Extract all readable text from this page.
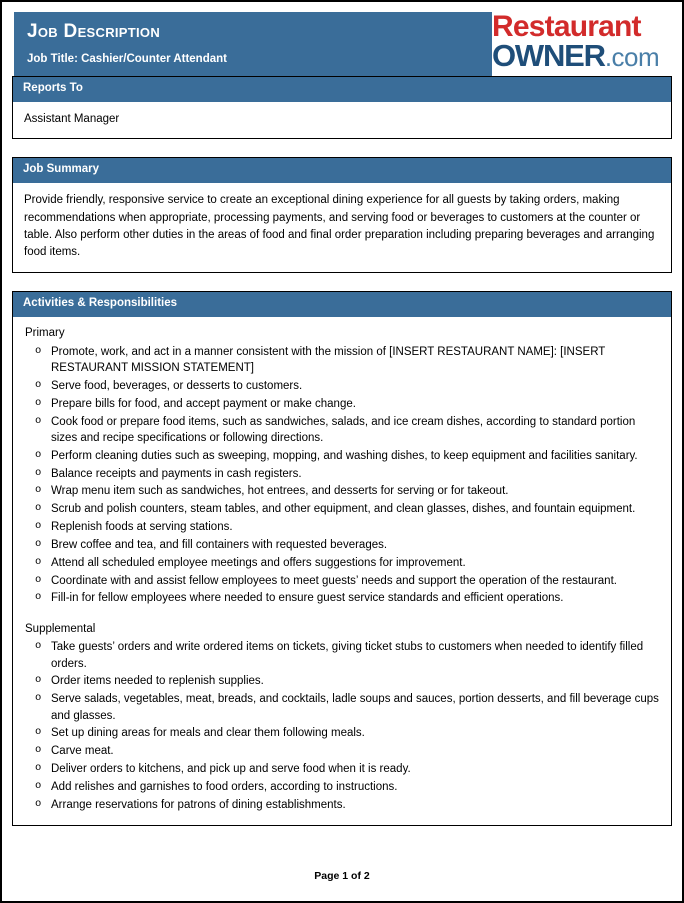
Job Description
Job Title: Cashier/Counter Attendant
Restaurant
OWNER.com
Reports To
Assistant Manager
Job Summary
Provide friendly, responsive service to create an exceptional dining experience for all guests by taking orders, making recommendations when appropriate, processing payments, and serving food or beverages to customers at the counter or table. Also perform other duties in the areas of food and final order preparation including preparing beverages and arranging food items.
Activities & Responsibilities
Primary
o Promote, work, and act in a manner consistent with the mission of [INSERT RESTAURANT NAME]: [INSERT RESTAURANT MISSION STATEMENT]
o Serve food, beverages, or desserts to customers.
o Prepare bills for food, and accept payment or make change.
o Cook food or prepare food items, such as sandwiches, salads, and ice cream dishes, according to standard portion sizes and recipe specifications or following directions.
o Perform cleaning duties such as sweeping, mopping, and washing dishes, to keep equipment and facilities sanitary.
o Balance receipts and payments in cash registers.
o Wrap menu item such as sandwiches, hot entrees, and desserts for serving or for takeout.
o Scrub and polish counters, steam tables, and other equipment, and clean glasses, dishes, and fountain equipment.
o Replenish foods at serving stations.
o Brew coffee and tea, and fill containers with requested beverages.
o Attend all scheduled employee meetings and offers suggestions for improvement.
o Coordinate with and assist fellow employees to meet guests’ needs and support the operation of the restaurant.
o Fill-in for fellow employees where needed to ensure guest service standards and efficient operations.
Supplemental
o Take guests’ orders and write ordered items on tickets, giving ticket stubs to customers when needed to identify filled orders.
o Order items needed to replenish supplies.
o Serve salads, vegetables, meat, breads, and cocktails, ladle soups and sauces, portion desserts, and fill beverage cups and glasses.
o Set up dining areas for meals and clear them following meals.
o Carve meat.
o Deliver orders to kitchens, and pick up and serve food when it is ready.
o Add relishes and garnishes to food orders, according to instructions.
o Arrange reservations for patrons of dining establishments.
Page 1 of 2
